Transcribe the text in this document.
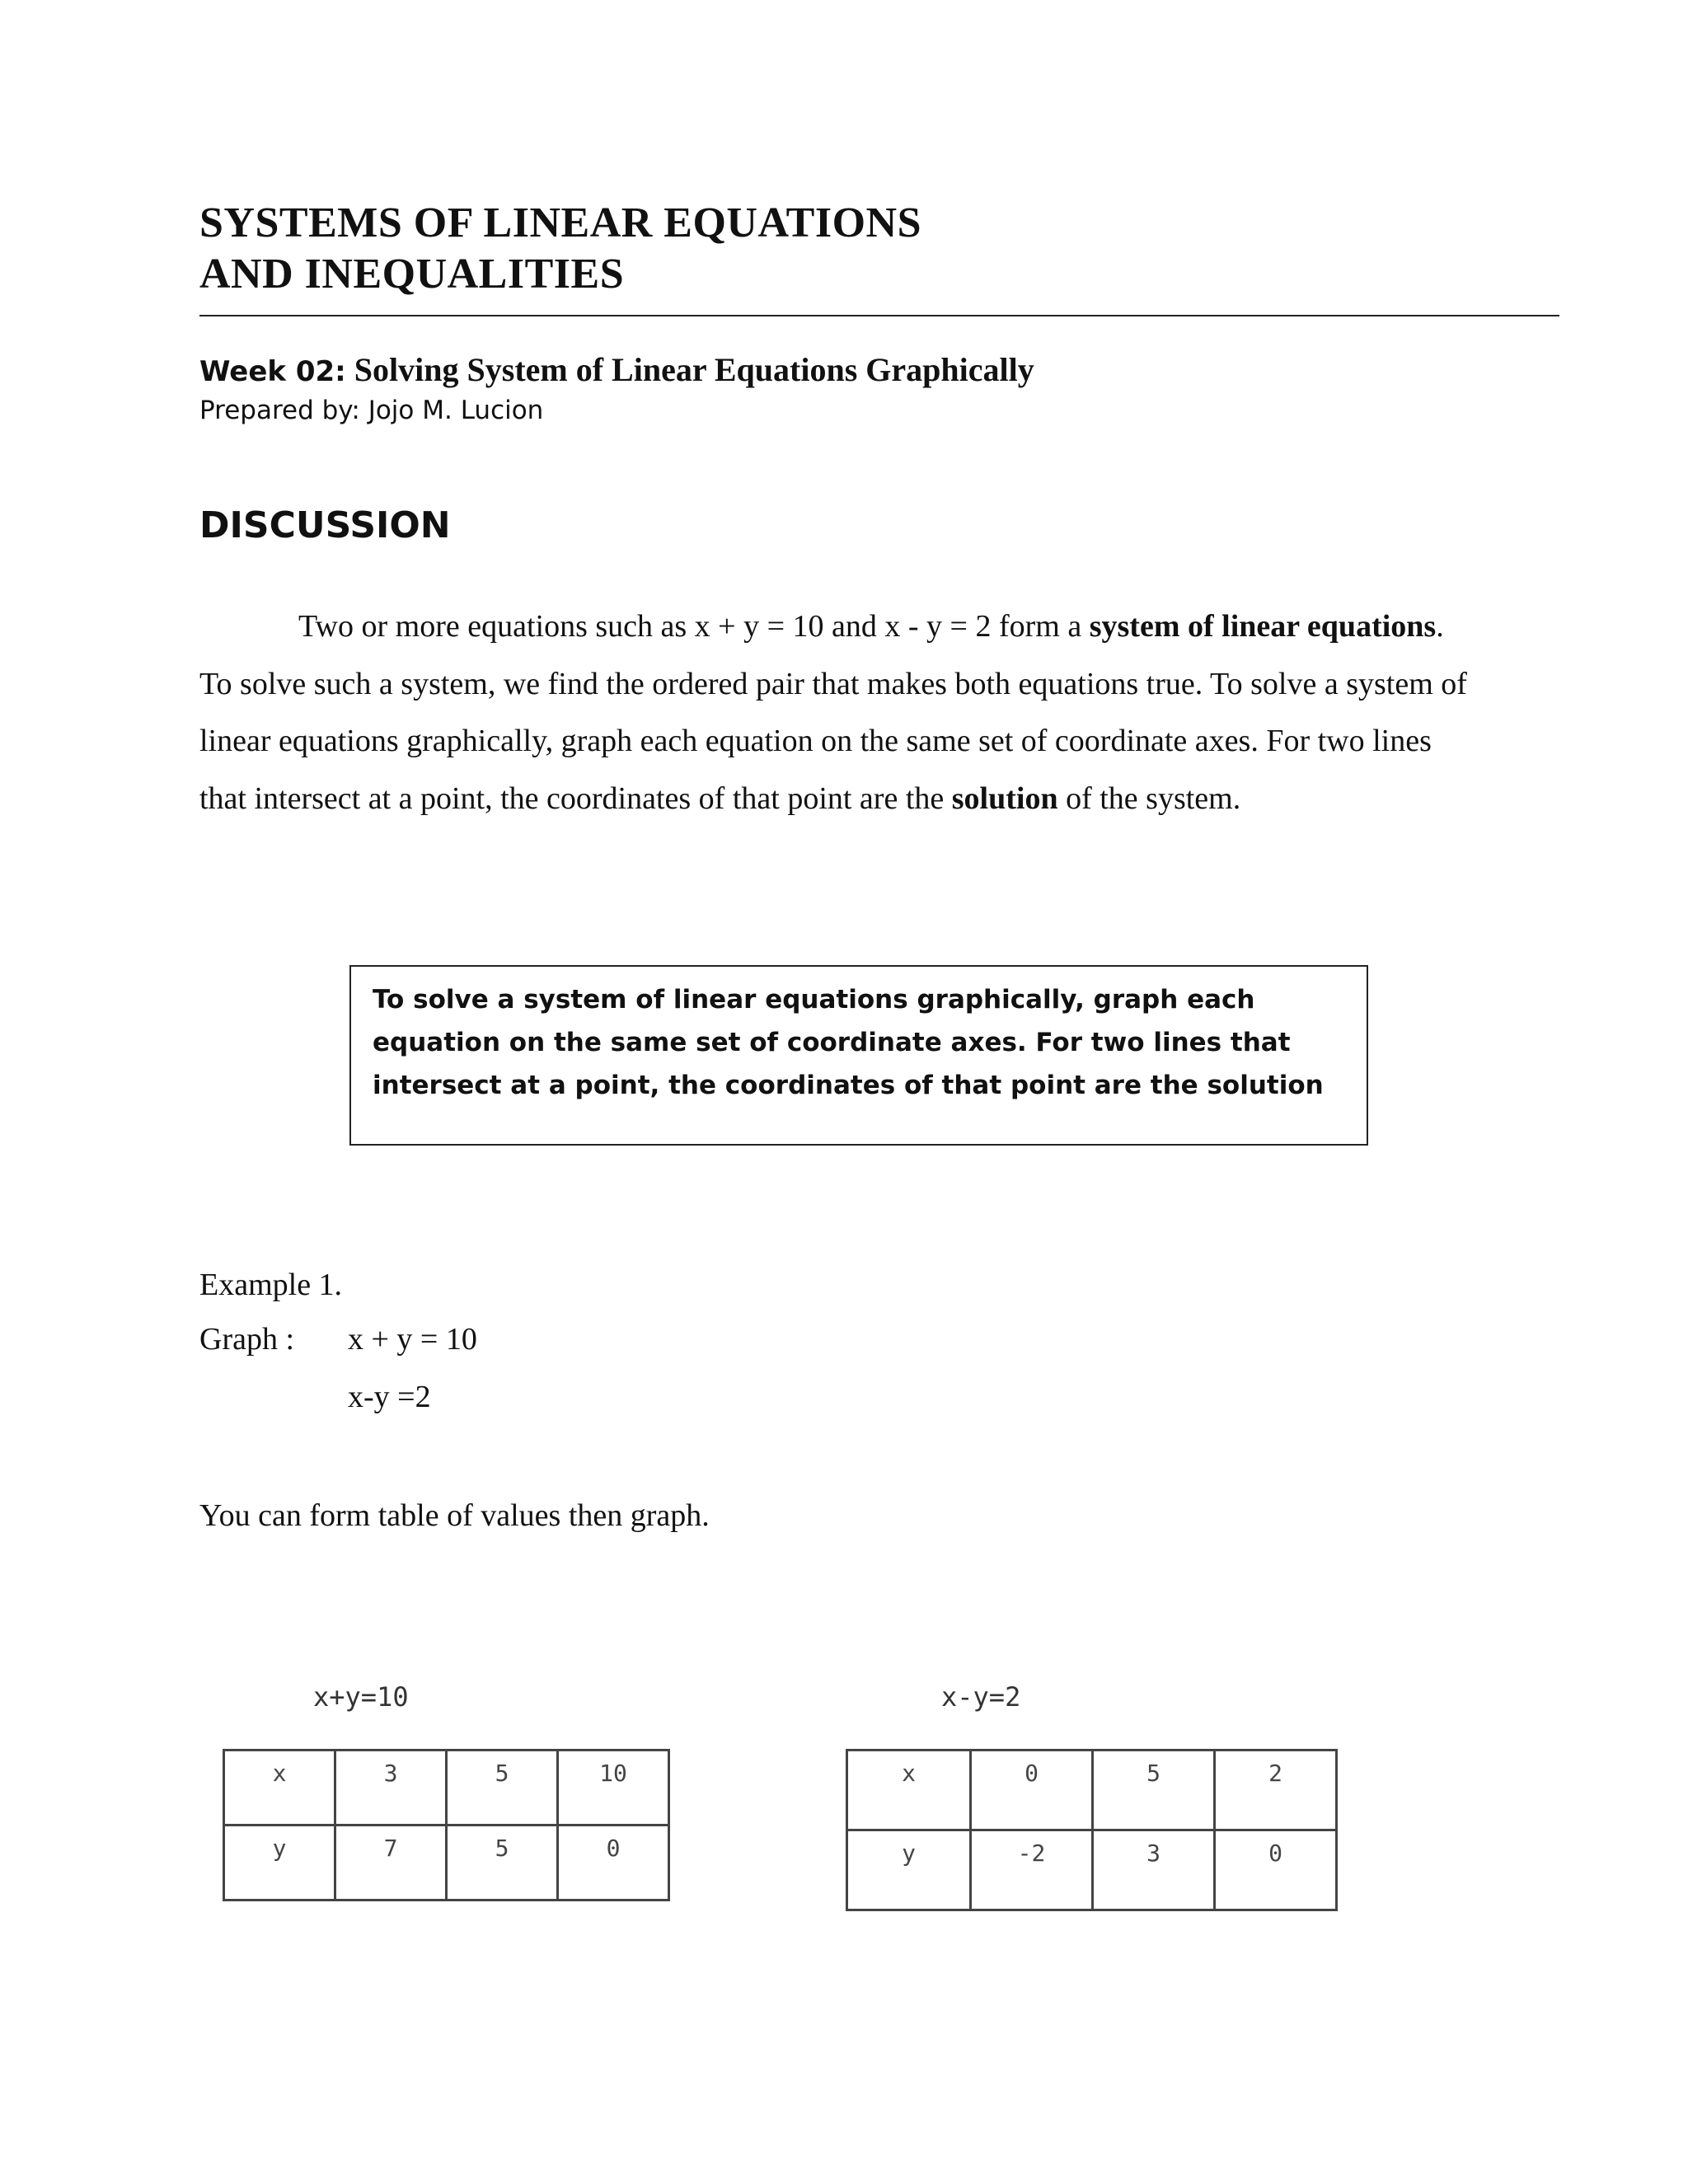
SYSTEMS OF LINEAR EQUATIONS
AND INEQUALITIES
Week 02: Solving System of Linear Equations Graphically
Prepared by: Jojo M. Lucion
DISCUSSION
Two or more equations such as x + y = 10 and x - y = 2 form a system of linear equations. To solve such a system, we find the ordered pair that makes both equations true. To solve a system of linear equations graphically, graph each equation on the same set of coordinate axes. For two lines that intersect at a point, the coordinates of that point are the solution of the system.
To solve a system of linear equations graphically, graph each equation on the same set of coordinate axes. For two lines that intersect at a point, the coordinates of that point are the solution
Example 1.
Graph : x + y = 10
x-y =2
You can form table of values then graph.
x+y=10
x	3	5	10
y	7	5	0
x-y=2
x	0	5	2
y	-2	3	0
